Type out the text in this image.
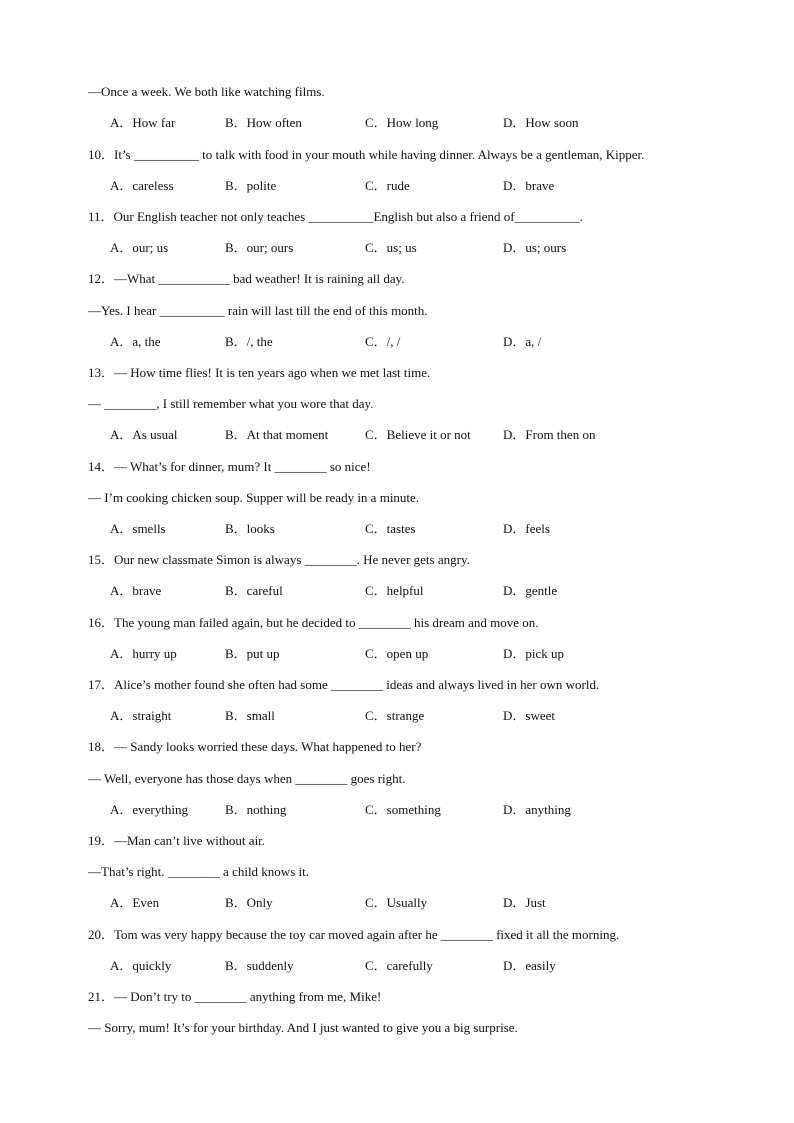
—Once a week. We both like watching films.
A．How far	B．How often	C．How long	D．How soon
10．It’s __________ to talk with food in your mouth while having dinner. Always be a gentleman, Kipper.
A．careless	B．polite	C．rude	D．brave
11．Our English teacher not only teaches __________English but also a friend of__________.
A．our; us	B．our; ours	C．us; us	D．us; ours
12．—What ___________ bad weather! It is raining all day.
—Yes. I hear __________ rain will last till the end of this month.
A．a, the	B．/, the	C．/, /	D．a, /
13．— How time flies! It is ten years ago when we met last time.
— ________, I still remember what you wore that day.
A．As usual	B．At that moment	C．Believe it or not D．From then on
14．— What’s for dinner, mum? It ________ so nice!
— I’m cooking chicken soup. Supper will be ready in a minute.
A．smells	B．looks	C．tastes	D．feels
15．Our new classmate Simon is always ________. He never gets angry.
A．brave	B．careful	C．helpful	D．gentle
16．The young man failed again, but he decided to ________ his dream and move on.
A．hurry up	B．put up	C．open up	D．pick up
17．Alice’s mother found she often had some ________ ideas and always lived in her own world.
A．straight	B．small	C．strange	D．sweet
18．— Sandy looks worried these days. What happened to her?
— Well, everyone has those days when ________ goes right.
A．everything	B．nothing	C．something	D．anything
19．—Man can’t live without air.
—That’s right. ________ a child knows it.
A．Even	B．Only	C．Usually	D．Just
20．Tom was very happy because the toy car moved again after he ________ fixed it all the morning.
A．quickly	B．suddenly	C．carefully	D．easily
21．— Don’t try to ________ anything from me, Mike!
— Sorry, mum! It’s for your birthday. And I just wanted to give you a big surprise.
